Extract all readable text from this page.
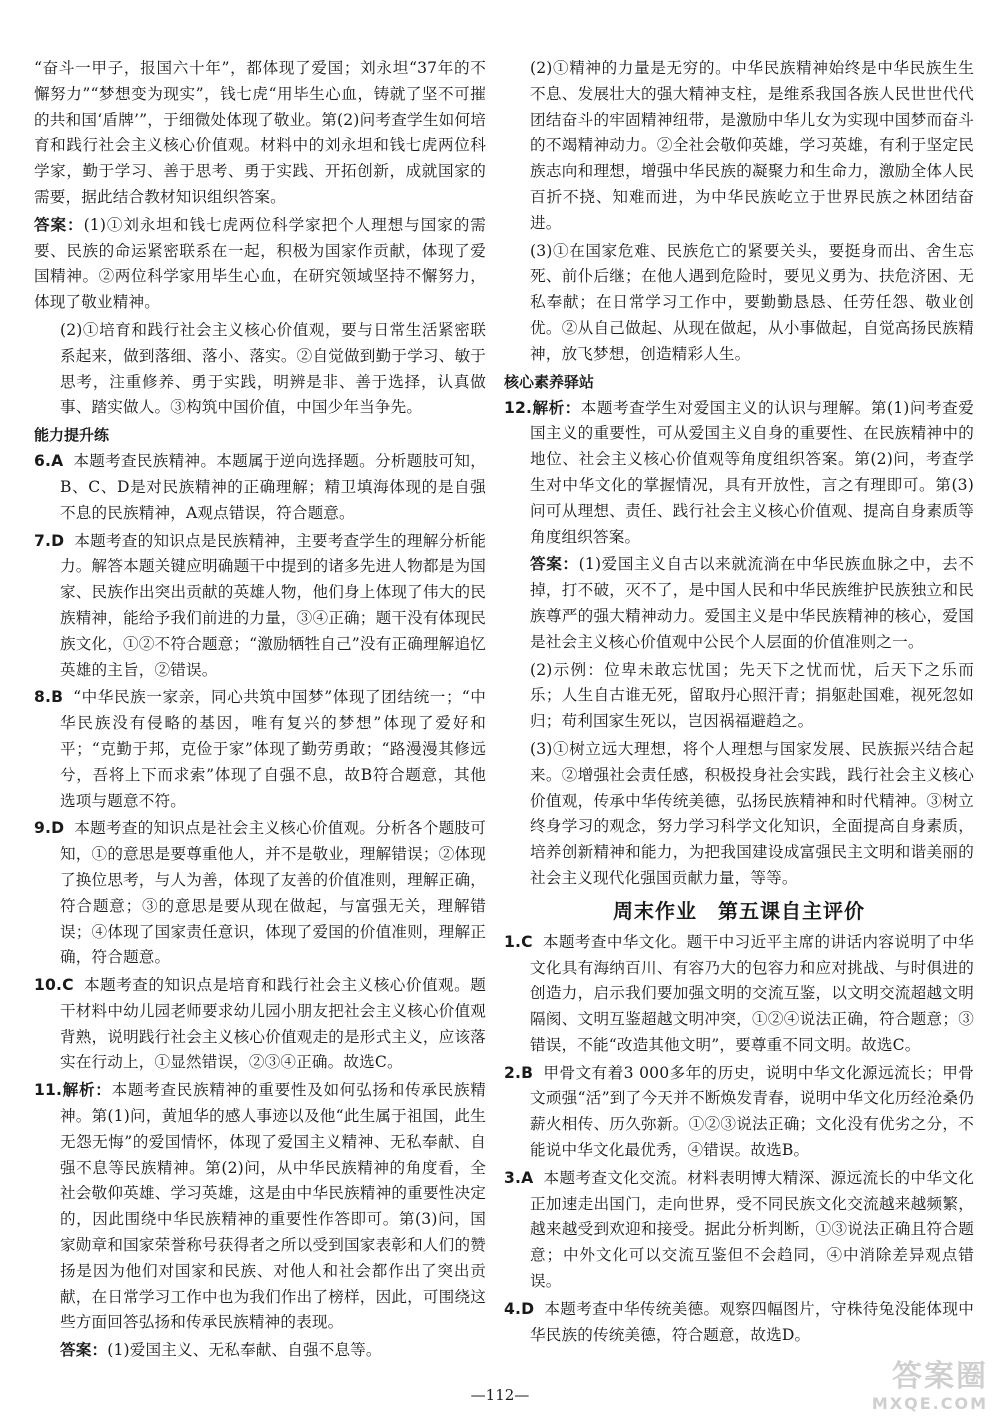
“奋斗一甲子，报国六十年”，都体现了爱国；刘永坦“37年的不懈努力”“梦想变为现实”，钱七虎“用毕生心血，铸就了坚不可摧的共和国‘盾牌’”，于细微处体现了敬业。第(2)问考查学生如何培育和践行社会主义核心价值观。材料中的刘永坦和钱七虎两位科学家，勤于学习、善于思考、勇于实践、开拓创新，成就国家的需要，据此结合教材知识组织答案。

答案：(1)①刘永坦和钱七虎两位科学家把个人理想与国家的需要、民族的命运紧密联系在一起，积极为国家作贡献，体现了爱国精神。②两位科学家用毕生心血，在研究领域坚持不懈努力，体现了敬业精神。

(2)①培育和践行社会主义核心价值观，要与日常生活紧密联系起来，做到落细、落小、落实。②自觉做到勤于学习、敏于思考，注重修养、勇于实践，明辨是非、善于选择，认真做事、踏实做人。③构筑中国价值，中国少年当争先。

能力提升练

6.A 本题考查民族精神。本题属于逆向选择题。分析题肢可知，B、C、D是对民族精神的正确理解；精卫填海体现的是自强不息的民族精神，A观点错误，符合题意。

7.D 本题考查的知识点是民族精神，主要考查学生的理解分析能力。解答本题关键应明确题干中提到的诸多先进人物都是为国家、民族作出突出贡献的英雄人物，他们身上体现了伟大的民族精神，能给予我们前进的力量，③④正确；题干没有体现民族文化，①②不符合题意；“激励牺牲自己”没有正确理解追忆英雄的主旨，②错误。

8.B “中华民族一家亲，同心共筑中国梦”体现了团结统一；“中华民族没有侵略的基因，唯有复兴的梦想”体现了爱好和平；“克勤于邦，克俭于家”体现了勤劳勇敢；“路漫漫其修远兮，吾将上下而求索”体现了自强不息，故B符合题意，其他选项与题意不符。

9.D 本题考查的知识点是社会主义核心价值观。分析各个题肢可知，①的意思是要尊重他人，并不是敬业，理解错误；②体现了换位思考，与人为善，体现了友善的价值准则，理解正确，符合题意；③的意思是要从现在做起，与富强无关，理解错误；④体现了国家责任意识，体现了爱国的价值准则，理解正确，符合题意。

10.C 本题考查的知识点是培育和践行社会主义核心价值观。题干材料中幼儿园老师要求幼儿园小朋友把社会主义核心价值观背熟，说明践行社会主义核心价值观走的是形式主义，应该落实在行动上，①显然错误，②③④正确。故选C。

11.解析：本题考查民族精神的重要性及如何弘扬和传承民族精神。第(1)问，黄旭华的感人事迹以及他“此生属于祖国，此生无怨无悔”的爱国情怀，体现了爱国主义精神、无私奉献、自强不息等民族精神。第(2)问，从中华民族精神的角度看，全社会敬仰英雄、学习英雄，这是由中华民族精神的重要性决定的，因此围绕中华民族精神的重要性作答即可。第(3)问，国家勋章和国家荣誉称号获得者之所以受到国家表彰和人们的赞扬是因为他们对国家和民族、对他人和社会都作出了突出贡献，在日常学习工作中也为我们作出了榜样，因此，可围绕这些方面回答弘扬和传承民族精神的表现。

答案：(1)爱国主义、无私奉献、自强不息等。

(2)①精神的力量是无穷的。中华民族精神始终是中华民族生生不息、发展壮大的强大精神支柱，是维系我国各族人民世世代代团结奋斗的牢固精神纽带，是激励中华儿女为实现中国梦而奋斗的不竭精神动力。②全社会敬仰英雄，学习英雄，有利于坚定民族志向和理想，增强中华民族的凝聚力和生命力，激励全体人民百折不挠、知难而进，为中华民族屹立于世界民族之林团结奋进。

(3)①在国家危难、民族危亡的紧要关头，要挺身而出、舍生忘死、前仆后继；在他人遇到危险时，要见义勇为、扶危济困、无私奉献；在日常学习工作中，要勤勤恳恳、任劳任怨、敬业创优。②从自己做起、从现在做起，从小事做起，自觉高扬民族精神，放飞梦想，创造精彩人生。

核心素养驿站

12.解析：本题考查学生对爱国主义的认识与理解。第(1)问考查爱国主义的重要性，可从爱国主义自身的重要性、在民族精神中的地位、社会主义核心价值观等角度组织答案。第(2)问，考查学生对中华文化的掌握情况，具有开放性，言之有理即可。第(3)问可从理想、责任、践行社会主义核心价值观、提高自身素质等角度组织答案。

答案：(1)爱国主义自古以来就流淌在中华民族血脉之中，去不掉，打不破，灭不了，是中国人民和中华民族维护民族独立和民族尊严的强大精神动力。爱国主义是中华民族精神的核心，爱国是社会主义核心价值观中公民个人层面的价值准则之一。

(2)示例：位卑未敢忘忧国；先天下之忧而忧，后天下之乐而乐；人生自古谁无死，留取丹心照汗青；捐躯赴国难，视死忽如归；苟利国家生死以，岂因祸福避趋之。

(3)①树立远大理想，将个人理想与国家发展、民族振兴结合起来。②增强社会责任感，积极投身社会实践，践行社会主义核心价值观，传承中华传统美德，弘扬民族精神和时代精神。③树立终身学习的观念，努力学习科学文化知识，全面提高自身素质，培养创新精神和能力，为把我国建设成富强民主文明和谐美丽的社会主义现代化强国贡献力量，等等。

周末作业　第五课自主评价

1.C 本题考查中华文化。题干中习近平主席的讲话内容说明了中华文化具有海纳百川、有容乃大的包容力和应对挑战、与时俱进的创造力，启示我们要加强文明的交流互鉴，以文明交流超越文明隔阂、文明互鉴超越文明冲突，①②④说法正确，符合题意；③错误，不能“改造其他文明”，要尊重不同文明。故选C。

2.B 甲骨文有着3 000多年的历史，说明中华文化源远流长；甲骨文顽强“活”到了今天并不断焕发青春，说明中华文化历经沧桑仍薪火相传、历久弥新。①②③说法正确；文化没有优劣之分，不能说中华文化最优秀，④错误。故选B。

3.A 本题考查文化交流。材料表明博大精深、源远流长的中华文化正加速走出国门，走向世界，受不同民族文化交流越来越频繁，越来越受到欢迎和接受。据此分析判断，①③说法正确且符合题意；中外文化可以交流互鉴但不会趋同，④中消除差异观点错误。

4.D 本题考查中华传统美德。观察四幅图片，守株待兔没能体现中华民族的传统美德，符合题意，故选D。

—112—
答案圈
MXQE.COM
